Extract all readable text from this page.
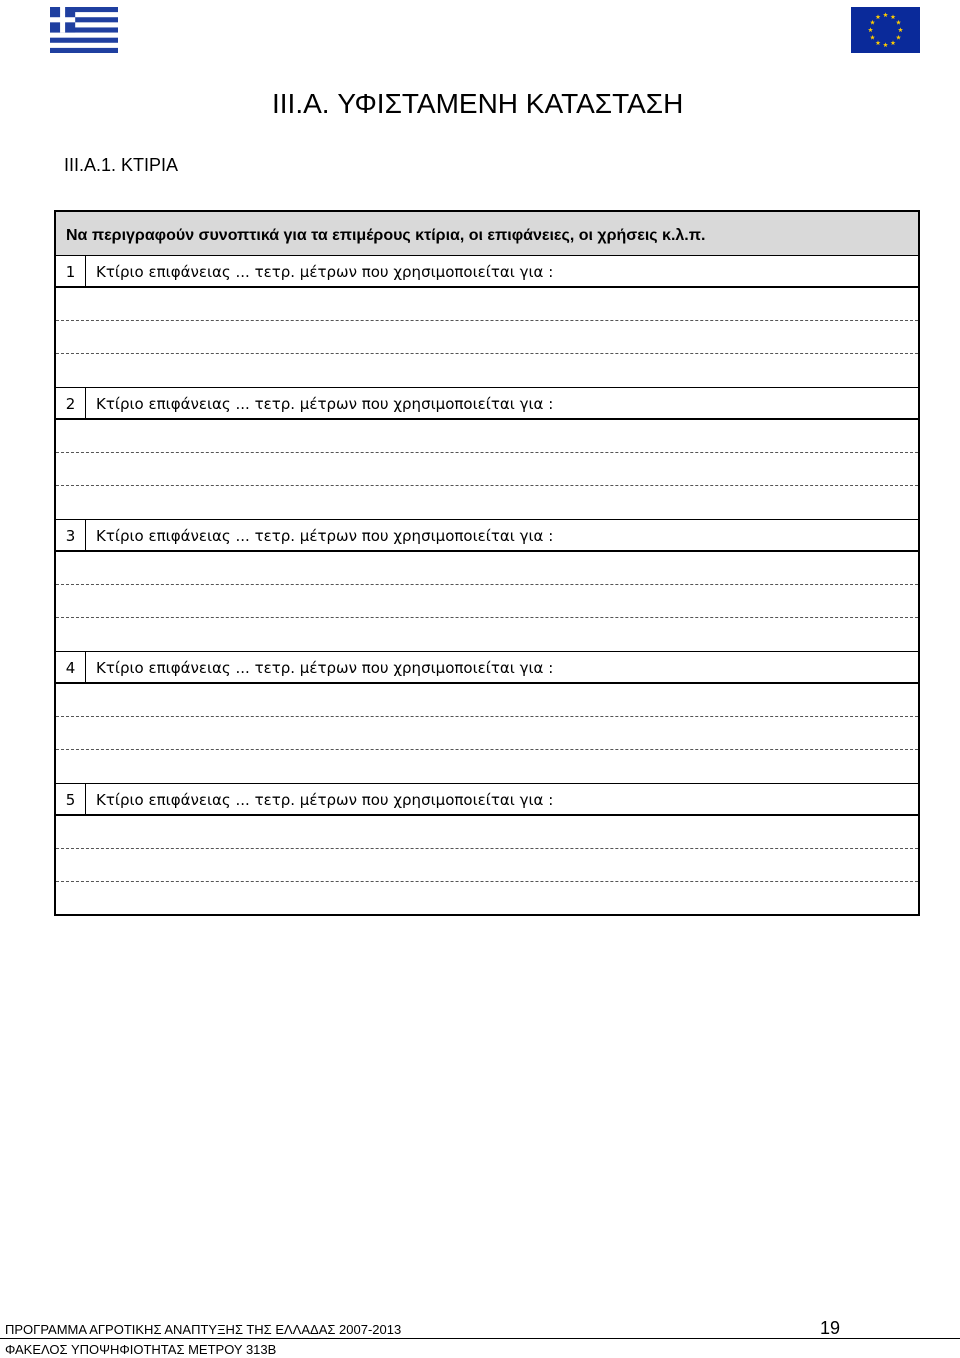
III.A. ΥΦΙΣΤΑΜΕΝΗ ΚΑΤΑΣΤΑΣΗ
III.A.1. ΚΤΙΡΙΑ
Να περιγραφούν συνοπτικά για τα επιμέρους κτίρια, οι επιφάνειες, οι χρήσεις κ.λ.π.
1	Κτίριο επιφάνειας ... τετρ. μέτρων που χρησιμοποιείται για :
2	Κτίριο επιφάνειας ... τετρ. μέτρων που χρησιμοποιείται για :
3	Κτίριο επιφάνειας ... τετρ. μέτρων που χρησιμοποιείται για :
4	Κτίριο επιφάνειας ... τετρ. μέτρων που χρησιμοποιείται για :
5	Κτίριο επιφάνειας ... τετρ. μέτρων που χρησιμοποιείται για :
ΠΡΟΓΡΑΜΜΑ ΑΓΡΟΤΙΚΗΣ ΑΝΑΠΤΥΞΗΣ ΤΗΣ ΕΛΛΑΔΑΣ 2007-2013	19
ΦΑΚΕΛΟΣ ΥΠΟΨΗΦΙΟΤΗΤΑΣ ΜΕΤΡΟΥ 313Β
